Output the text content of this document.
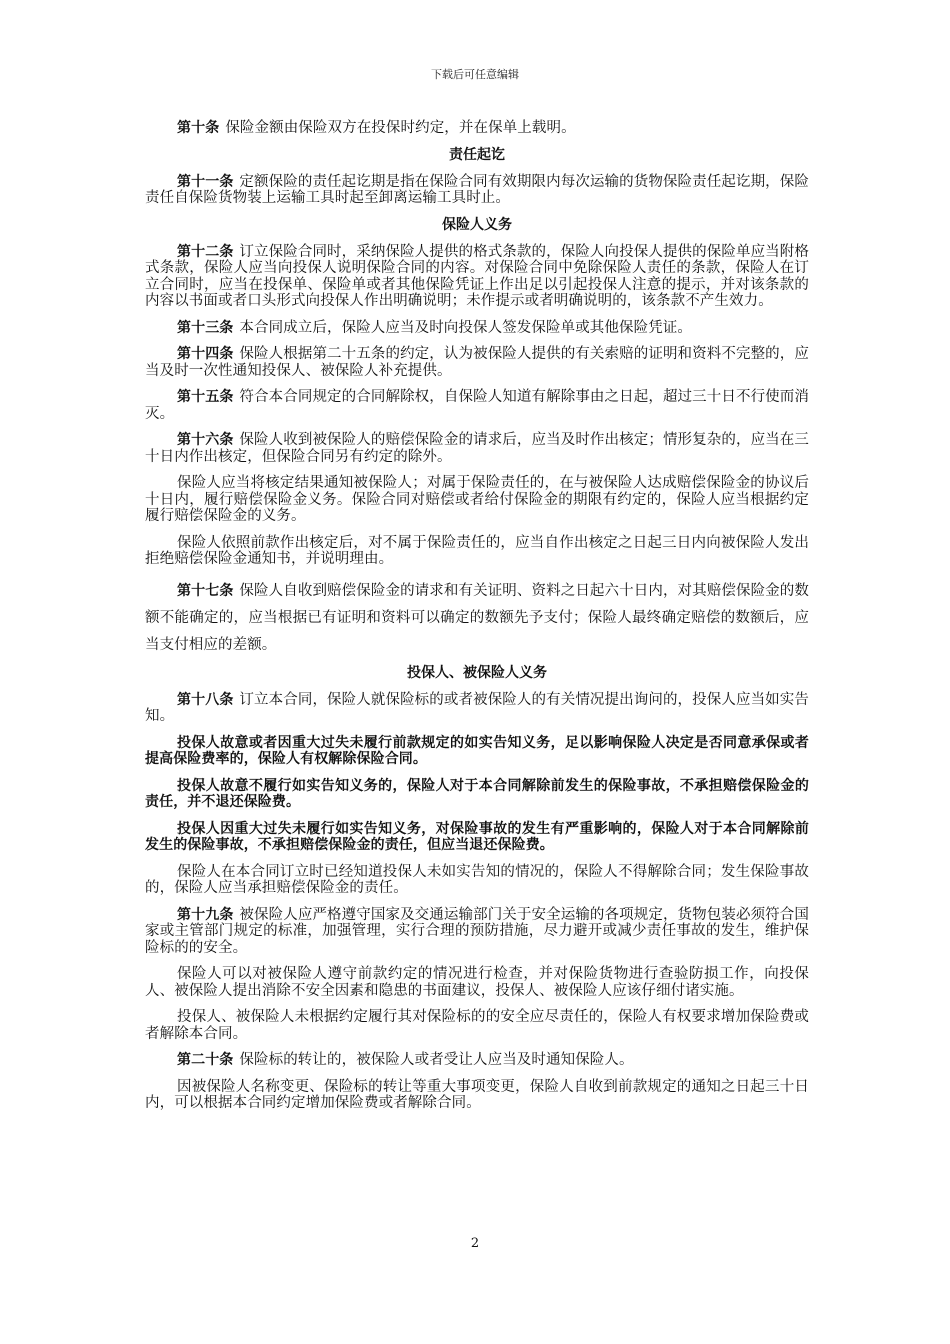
下载后可任意编辑

第十条 保险金额由保险双方在投保时约定，并在保单上载明。

责任起讫

第十一条 定额保险的责任起讫期是指在保险合同有效期限内每次运输的货物保险责任起讫期，保险责任自保险货物装上运输工具时起至卸离运输工具时止。

保险人义务

第十二条 订立保险合同时，采纳保险人提供的格式条款的，保险人向投保人提供的保险单应当附格式条款，保险人应当向投保人说明保险合同的内容。对保险合同中免除保险人责任的条款，保险人在订立合同时，应当在投保单、保险单或者其他保险凭证上作出足以引起投保人注意的提示，并对该条款的内容以书面或者口头形式向投保人作出明确说明；未作提示或者明确说明的，该条款不产生效力。

第十三条 本合同成立后，保险人应当及时向投保人签发保险单或其他保险凭证。

第十四条 保险人根据第二十五条的约定，认为被保险人提供的有关索赔的证明和资料不完整的，应当及时一次性通知投保人、被保险人补充提供。

第十五条 符合本合同规定的合同解除权，自保险人知道有解除事由之日起，超过三十日不行使而消灭。

第十六条 保险人收到被保险人的赔偿保险金的请求后，应当及时作出核定；情形复杂的，应当在三十日内作出核定，但保险合同另有约定的除外。

保险人应当将核定结果通知被保险人；对属于保险责任的，在与被保险人达成赔偿保险金的协议后十日内，履行赔偿保险金义务。保险合同对赔偿或者给付保险金的期限有约定的，保险人应当根据约定履行赔偿保险金的义务。

保险人依照前款作出核定后，对不属于保险责任的，应当自作出核定之日起三日内向被保险人发出拒绝赔偿保险金通知书，并说明理由。

第十七条 保险人自收到赔偿保险金的请求和有关证明、资料之日起六十日内，对其赔偿保险金的数额不能确定的，应当根据已有证明和资料可以确定的数额先予支付；保险人最终确定赔偿的数额后，应当支付相应的差额。

投保人、被保险人义务

第十八条 订立本合同，保险人就保险标的或者被保险人的有关情况提出询问的，投保人应当如实告知。

投保人故意或者因重大过失未履行前款规定的如实告知义务，足以影响保险人决定是否同意承保或者提高保险费率的，保险人有权解除保险合同。

投保人故意不履行如实告知义务的，保险人对于本合同解除前发生的保险事故，不承担赔偿保险金的责任，并不退还保险费。

投保人因重大过失未履行如实告知义务，对保险事故的发生有严重影响的，保险人对于本合同解除前发生的保险事故，不承担赔偿保险金的责任，但应当退还保险费。

保险人在本合同订立时已经知道投保人未如实告知的情况的，保险人不得解除合同；发生保险事故的，保险人应当承担赔偿保险金的责任。

第十九条 被保险人应严格遵守国家及交通运输部门关于安全运输的各项规定，货物包装必须符合国家或主管部门规定的标准，加强管理，实行合理的预防措施，尽力避开或减少责任事故的发生，维护保险标的的安全。

保险人可以对被保险人遵守前款约定的情况进行检查，并对保险货物进行查验防损工作，向投保人、被保险人提出消除不安全因素和隐患的书面建议，投保人、被保险人应该仔细付诸实施。

投保人、被保险人未根据约定履行其对保险标的的安全应尽责任的，保险人有权要求增加保险费或者解除本合同。

第二十条 保险标的转让的，被保险人或者受让人应当及时通知保险人。

因被保险人名称变更、保险标的转让等重大事项变更，保险人自收到前款规定的通知之日起三十日内，可以根据本合同约定增加保险费或者解除合同。

2
